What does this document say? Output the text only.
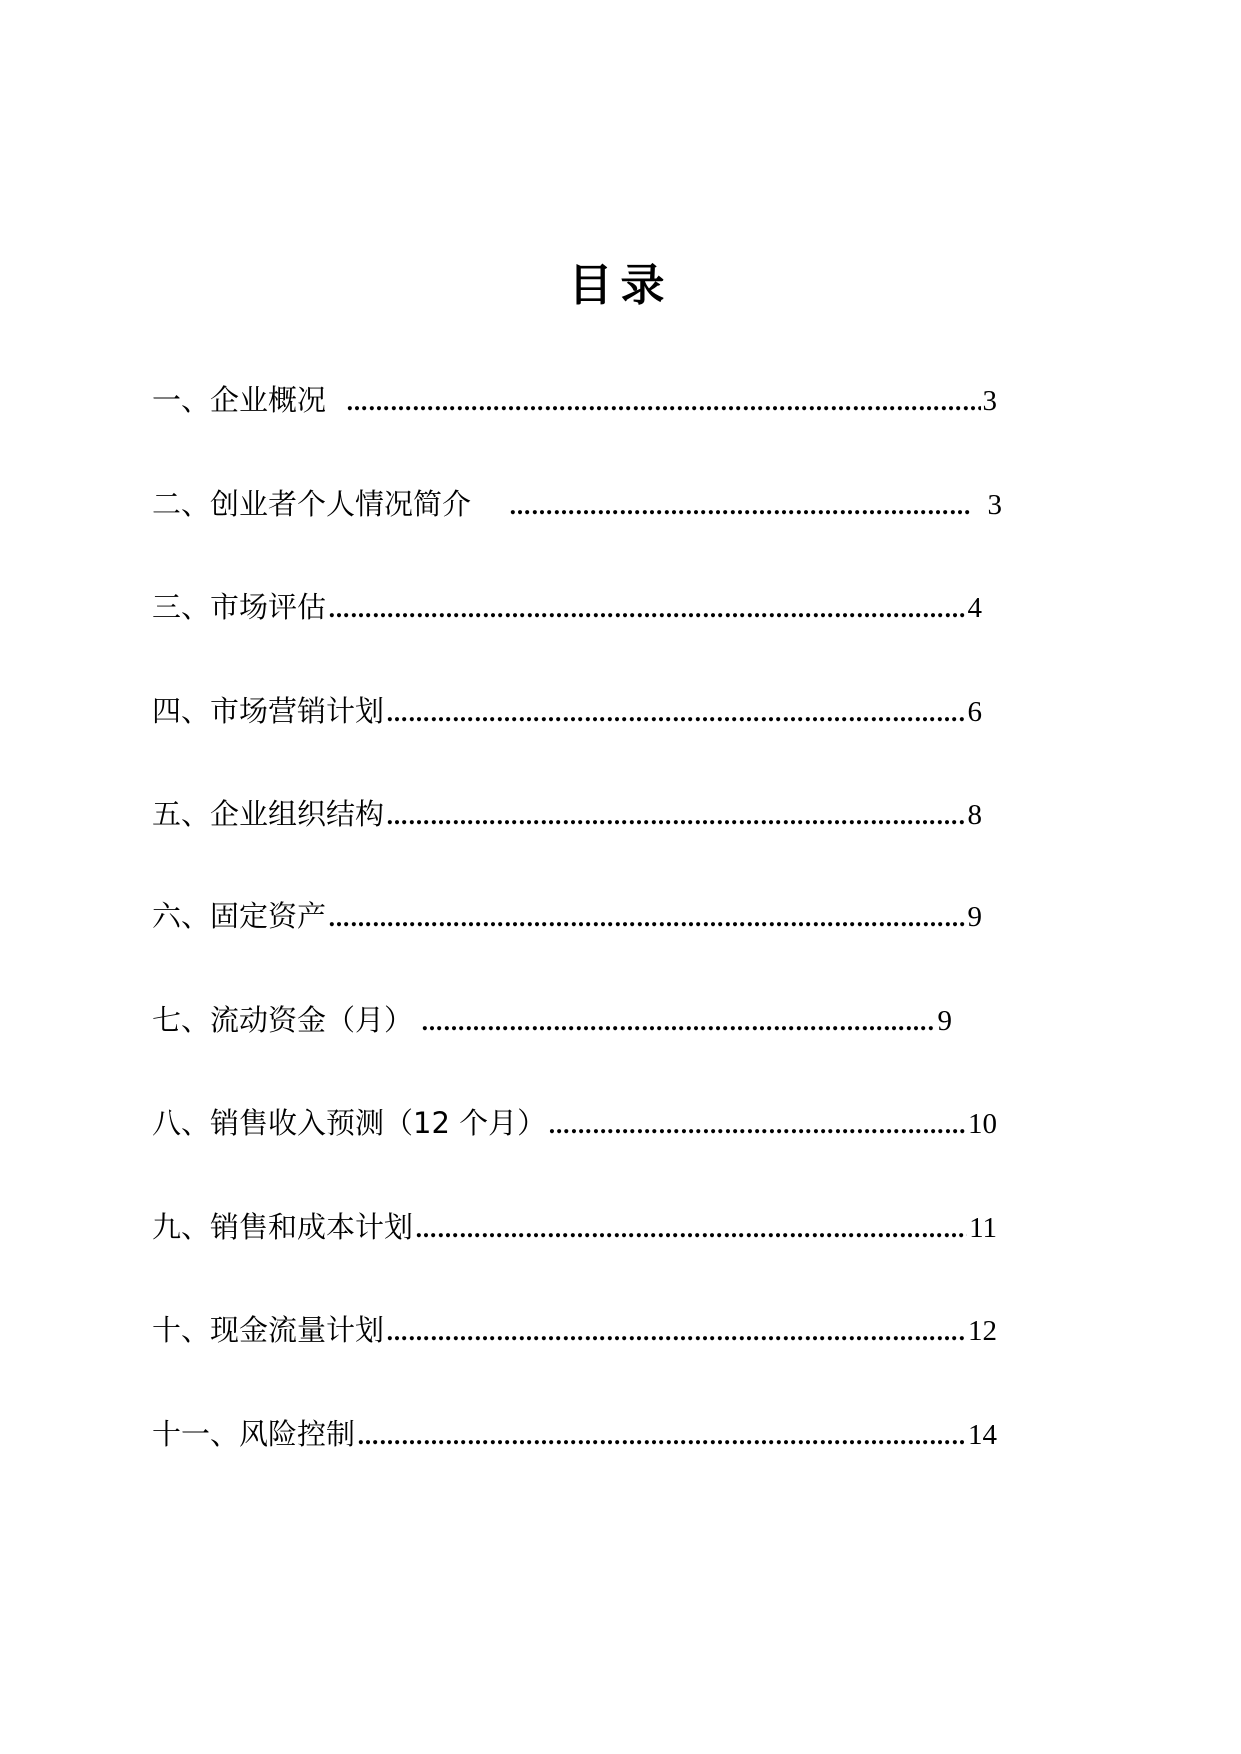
目录
一、企业概况 ……………………………………………………………………………………………………………………………………………………	3
二、创业者个人情况简介 ……………………………………………………………………………………………………………………………………………………	3
三、市场评估 ……………………………………………………………………………………………………………………………………………………	4
四、市场营销计划 ……………………………………………………………………………………………………………………………………………………	6
五、企业组织结构 ……………………………………………………………………………………………………………………………………………………	8
六、固定资产 ……………………………………………………………………………………………………………………………………………………	9
七、流动资金（月） ……………………………………………………………………………………………………………………………………………………	9
八、销售收入预测（12 个月） ……………………………………………………………………………………………………………………………………………………	10
九、销售和成本计划 ……………………………………………………………………………………………………………………………………………………	11
十、现金流量计划 ……………………………………………………………………………………………………………………………………………………	12
十一、风险控制 ……………………………………………………………………………………………………………………………………………………	14
